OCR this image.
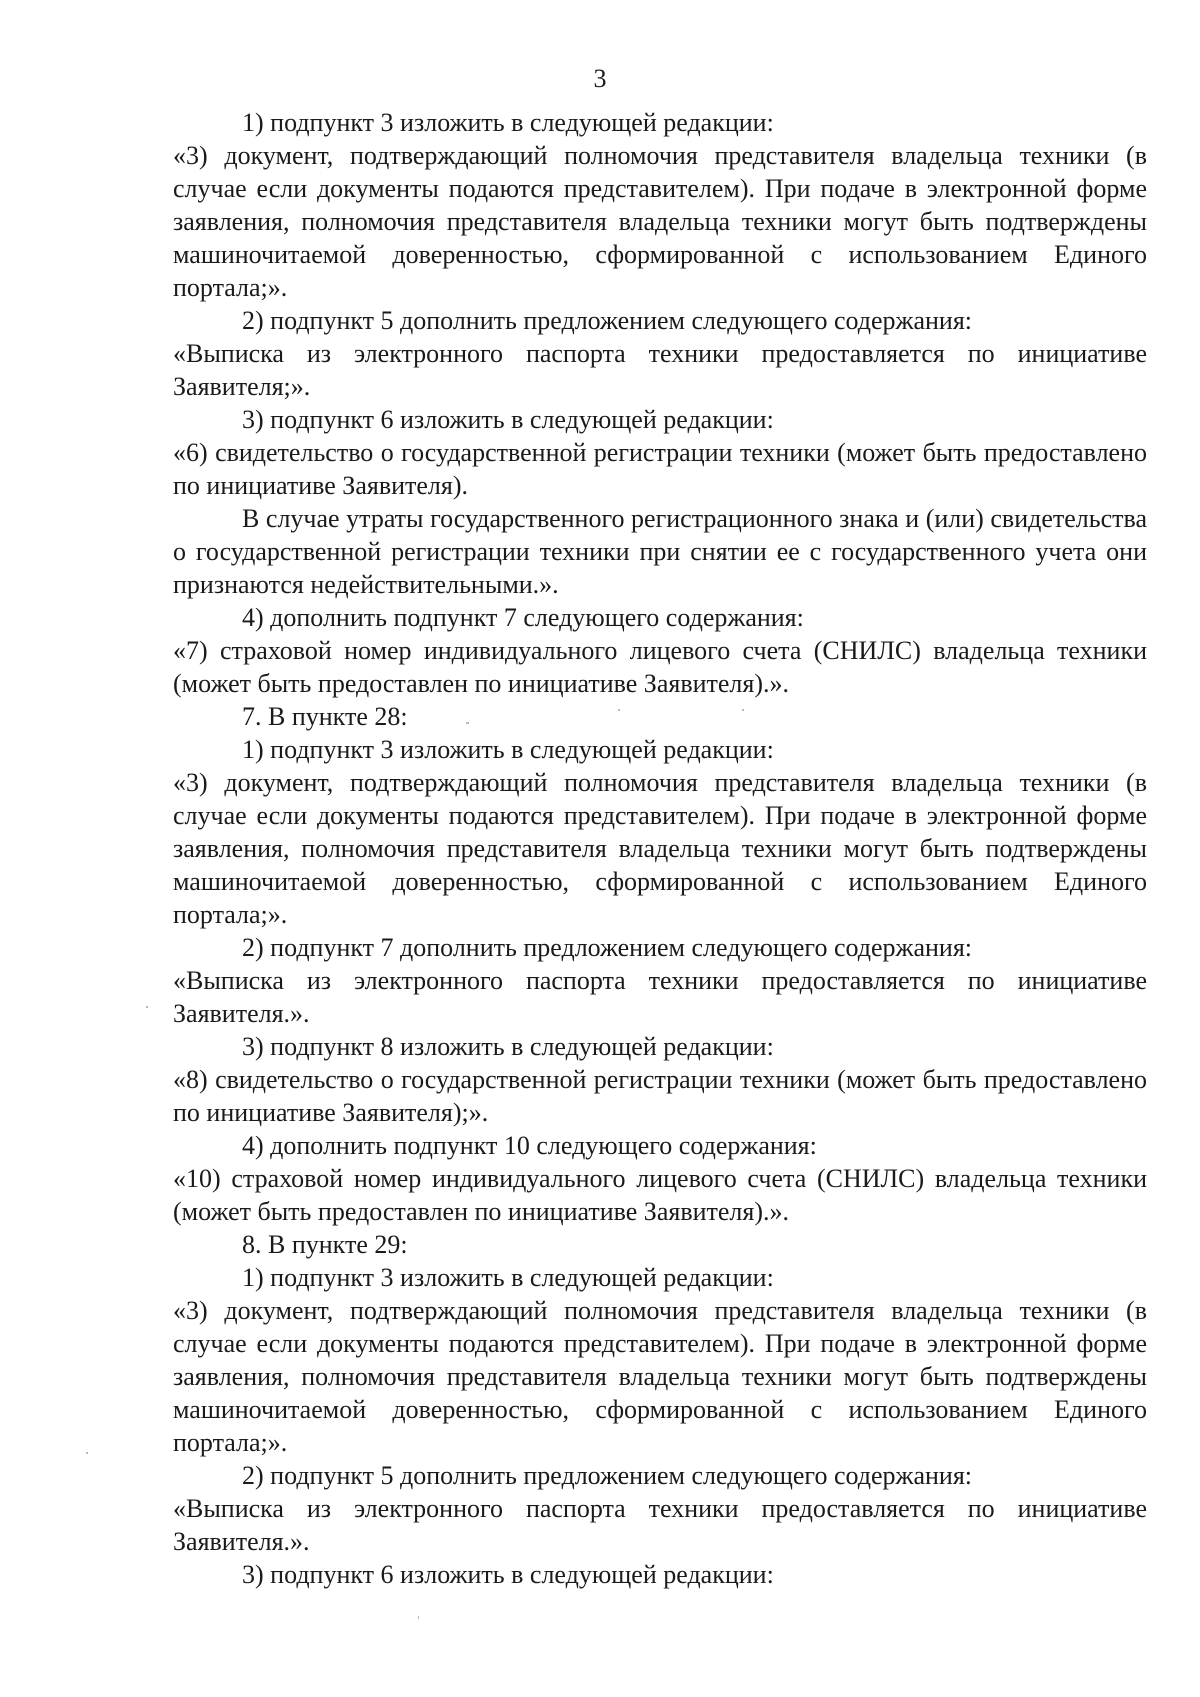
3

1) подпункт 3 изложить в следующей редакции:

«3) документ, подтверждающий полномочия представителя владельца техники (в случае если документы подаются представителем). При подаче в электронной форме заявления, полномочия представителя владельца техники могут быть подтверждены машиночитаемой доверенностью, сформированной с использованием Единого портала;».

2) подпункт 5 дополнить предложением следующего содержания:

«Выписка из электронного паспорта техники предоставляется по инициативе Заявителя;».

3) подпункт 6 изложить в следующей редакции:

«6) свидетельство о государственной регистрации техники (может быть предоставлено по инициативе Заявителя).

В случае утраты государственного регистрационного знака и (или) свидетельства о государственной регистрации техники при снятии ее с государственного учета они признаются недействительными.».

4) дополнить подпункт 7 следующего содержания:

«7) страховой номер индивидуального лицевого счета (СНИЛС) владельца техники (может быть предоставлен по инициативе Заявителя).».

7. В пункте 28:

1) подпункт 3 изложить в следующей редакции:

«3) документ, подтверждающий полномочия представителя владельца техники (в случае если документы подаются представителем). При подаче в электронной форме заявления, полномочия представителя владельца техники могут быть подтверждены машиночитаемой доверенностью, сформированной с использованием Единого портала;».

2) подпункт 7 дополнить предложением следующего содержания:

«Выписка из электронного паспорта техники предоставляется по инициативе Заявителя.».

3) подпункт 8 изложить в следующей редакции:

«8) свидетельство о государственной регистрации техники (может быть предоставлено по инициативе Заявителя);».

4) дополнить подпункт 10 следующего содержания:

«10) страховой номер индивидуального лицевого счета (СНИЛС) владельца техники (может быть предоставлен по инициативе Заявителя).».

8. В пункте 29:

1) подпункт 3 изложить в следующей редакции:

«3) документ, подтверждающий полномочия представителя владельца техники (в случае если документы подаются представителем). При подаче в электронной форме заявления, полномочия представителя владельца техники могут быть подтверждены машиночитаемой доверенностью, сформированной с использованием Единого портала;».

2) подпункт 5 дополнить предложением следующего содержания:

«Выписка из электронного паспорта техники предоставляется по инициативе Заявителя.».

3) подпункт 6 изложить в следующей редакции:
